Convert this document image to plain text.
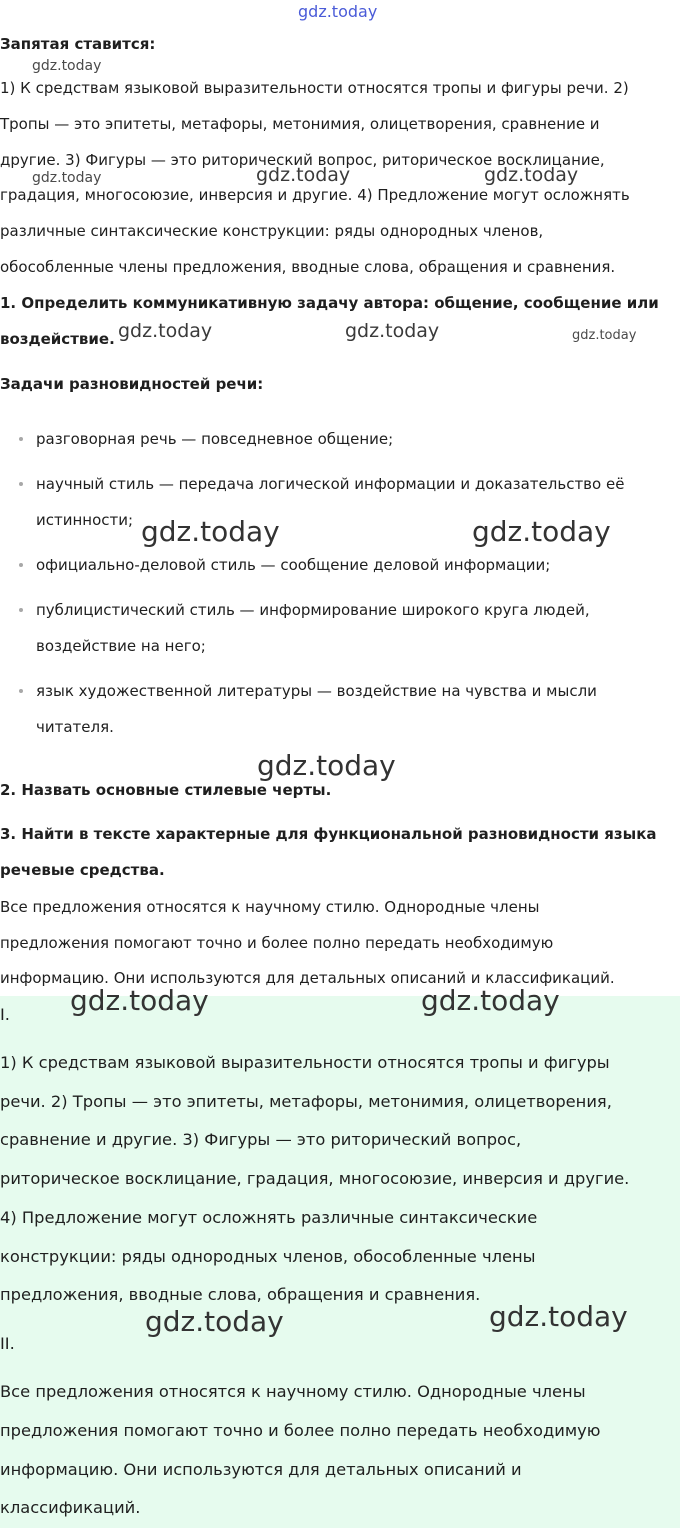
Запятая ставится:
1) К средствам языковой выразительности относятся тропы и фигуры речи. 2)
Тропы — это эпитеты, метафоры, метонимия, олицетворения, сравнение и
другие. 3) Фигуры — это риторический вопрос, риторическое восклицание,
градация, многосоюзие, инверсия и другие. 4) Предложение могут осложнять
различные синтаксические конструкции: ряды однородных членов,
обособленные члены предложения, вводные слова, обращения и сравнения.
1. Определить коммуникативную задачу автора: общение, сообщение или
воздействие.
Задачи разновидностей речи:
разговорная речь — повседневное общение;
научный стиль — передача логической информации и доказательство её
истинности;
официально-деловой стиль — сообщение деловой информации;
публицистический стиль — информирование широкого круга людей,
воздействие на него;
язык художественной литературы — воздействие на чувства и мысли
читателя.
2. Назвать основные стилевые черты.
3. Найти в тексте характерные для функциональной разновидности языка
речевые средства.
Все предложения относятся к научному стилю. Однородные члены
предложения помогают точно и более полно передать необходимую
информацию. Они используются для детальных описаний и классификаций.
I.
1) К средствам языковой выразительности относятся тропы и фигуры
речи. 2) Тропы — это эпитеты, метафоры, метонимия, олицетворения,
сравнение и другие. 3) Фигуры — это риторический вопрос,
риторическое восклицание, градация, многосоюзие, инверсия и другие.
4) Предложение могут осложнять различные синтаксические
конструкции: ряды однородных членов, обособленные члены
предложения, вводные слова, обращения и сравнения.
II.
Все предложения относятся к научному стилю. Однородные члены
предложения помогают точно и более полно передать необходимую
информацию. Они используются для детальных описаний и
классификаций.
gdz.today
gdz.today
gdz.today	gdz.today	gdz.today
gdz.today	gdz.today	gdz.today
gdz.today	gdz.today
gdz.today
gdz.today	gdz.today
gdz.today	gdz.today
